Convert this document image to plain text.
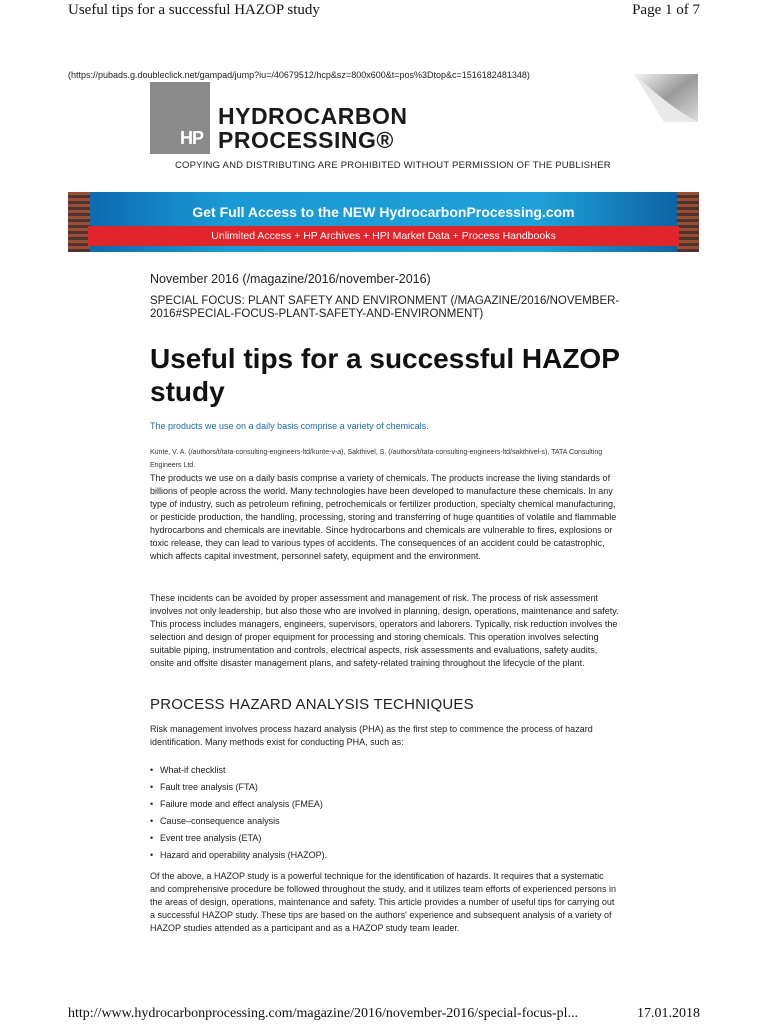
Useful tips for a successful HAZOP study	Page 1 of 7
(https://pubads.g.doubleclick.net/gampad/jump?iu=/40679512/hcp&sz=800x600&t=pos%3Dtop&c=1516182481348)
HP
HYDROCARBON
PROCESSING®
COPYING AND DISTRIBUTING ARE PROHIBITED WITHOUT PERMISSION OF THE PUBLISHER
Get Full Access to the NEW HydrocarbonProcessing.com
Unlimited Access + HP Archives + HPI Market Data + Process Handbooks
November 2016 (/magazine/2016/november-2016)
SPECIAL FOCUS: PLANT SAFETY AND ENVIRONMENT (/MAGAZINE/2016/NOVEMBER-2016#SPECIAL-FOCUS-PLANT-SAFETY-AND-ENVIRONMENT)
Useful tips for a successful HAZOP study
The products we use on a daily basis comprise a variety of chemicals.
Kunte, V. A. (/authors/t/tata-consulting-engineers-ltd/kunte-v-a), Sakthivel, S. (/authors/t/tata-consulting-engineers-ltd/sakthivel-s), TATA Consulting Engineers Ltd.

The products we use on a daily basis comprise a variety of chemicals. The products increase the living standards of billions of people across the world. Many technologies have been developed to manufacture these chemicals. In any type of industry, such as petroleum refining, petrochemicals or fertilizer production, specialty chemical manufacturing, or pesticide production, the handling, processing, storing and transferring of huge quantities of volatile and flammable hydrocarbons and chemicals are inevitable. Since hydrocarbons and chemicals are vulnerable to fires, explosions or toxic release, they can lead to various types of accidents. The consequences of an accident could be catastrophic, which affects capital investment, personnel safety, equipment and the environment.

These incidents can be avoided by proper assessment and management of risk. The process of risk assessment involves not only leadership, but also those who are involved in planning, design, operations, maintenance and safety. This process includes managers, engineers, supervisors, operators and laborers. Typically, risk reduction involves the selection and design of proper equipment for processing and storing chemicals. This operation involves selecting suitable piping, instrumentation and controls, electrical aspects, risk assessments and evaluations, safety audits, onsite and offsite disaster management plans, and safety-related training throughout the lifecycle of the plant.

PROCESS HAZARD ANALYSIS TECHNIQUES

Risk management involves process hazard analysis (PHA) as the first step to commence the process of hazard identification. Many methods exist for conducting PHA, such as:

• What-if checklist
• Fault tree analysis (FTA)
• Failure mode and effect analysis (FMEA)
• Cause–consequence analysis
• Event tree analysis (ETA)
• Hazard and operability analysis (HAZOP).

Of the above, a HAZOP study is a powerful technique for the identification of hazards. It requires that a systematic and comprehensive procedure be followed throughout the study, and it utilizes team efforts of experienced persons in the areas of design, operations, maintenance and safety. This article provides a number of useful tips for carrying out a successful HAZOP study. These tips are based on the authors' experience and subsequent analysis of a variety of HAZOP studies attended as a participant and as a HAZOP study team leader.

http://www.hydrocarbonprocessing.com/magazine/2016/november-2016/special-focus-pl...	17.01.2018
